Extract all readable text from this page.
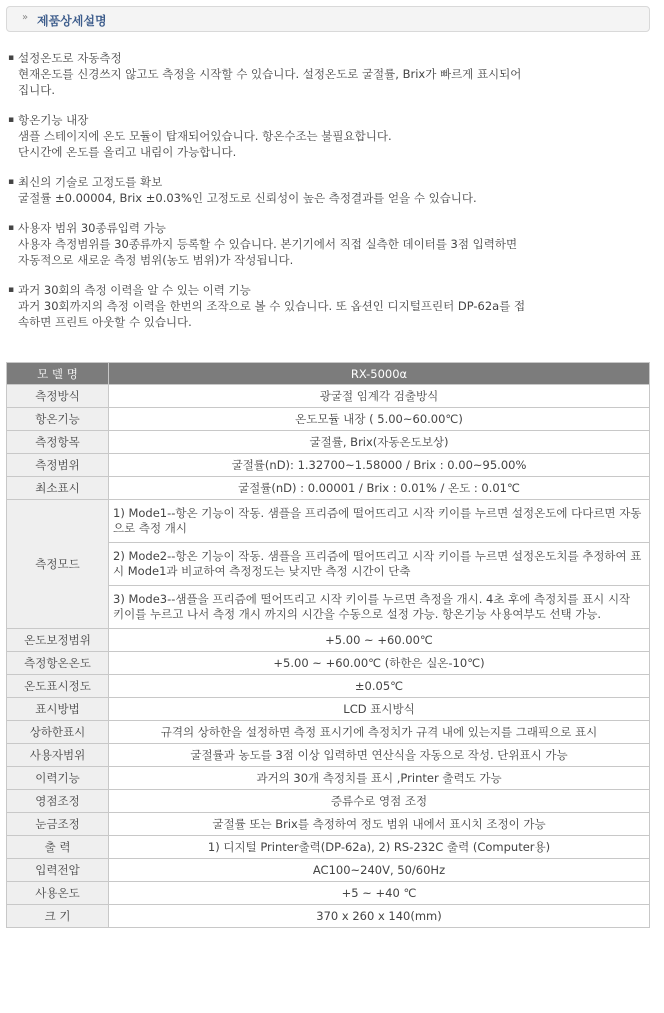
» 제품상세설명
▪ 설정온도로 자동측정
현재온도를 신경쓰지 않고도 측정을 시작할 수 있습니다. 설정온도로 굴절률, Brix가 빠르게 표시되어
집니다.
▪ 항온기능 내장
샘플 스테이지에 온도 모듈이 탑재되어있습니다. 항온수조는 불필요합니다.
단시간에 온도를 올리고 내림이 가능합니다.
▪ 최신의 기술로 고정도를 확보
굴절률 ±0.00004, Brix ±0.03%인 고정도로 신뢰성이 높은 측정결과를 얻을 수 있습니다.
▪ 사용자 범위 30종류입력 가능
사용자 측정범위를 30종류까지 등록할 수 있습니다. 본기기에서 직접 실측한 데이터를 3점 입력하면
자동적으로 새로운 측정 범위(농도 범위)가 작성됩니다.
▪ 과거 30회의 측정 이력을 알 수 있는 이력 기능
과거 30회까지의 측정 이력을 한번의 조작으로 볼 수 있습니다. 또 옵션인 디지털프린터 DP-62a를 접
속하면 프린트 아웃할 수 있습니다.
모 델 명	RX-5000α
측정방식	광굴절 임계각 검출방식
항온기능	온도모듈 내장 ( 5.00~60.00℃)
측정항목	굴절률, Brix(자동온도보상)
측정범위	굴절률(nD): 1.32700~1.58000 / Brix : 0.00~95.00%
최소표시	굴절률(nD) : 0.00001 / Brix : 0.01% / 온도 : 0.01℃
측정모드	1) Mode1--항온 기능이 작동. 샘플을 프리즘에 떨어뜨리고 시작 키이를 누르면 설정온도에 다다르면 자동으로 측정 개시
2) Mode2--항온 기능이 작동. 샘플을 프리즘에 떨어뜨리고 시작 키이를 누르면 설정온도치를 추정하여 표시 Mode1과 비교하여 측정정도는 낮지만 측정 시간이 단축
3) Mode3--샘플을 프리즘에 떨어뜨리고 시작 키이를 누르면 측정을 개시. 4초 후에 측정치를 표시 시작 키이를 누르고 나서 측정 개시 까지의 시간을 수동으로 설정 가능. 항온기능 사용여부도 선택 가능.

온도보정범위	+5.00 ~ +60.00℃
측정항온온도	+5.00 ~ +60.00℃ (하한은 실온-10℃)
온도표시정도	±0.05℃
표시방법	LCD 표시방식
상하한표시	규격의 상하한을 설정하면 측정 표시기에 측정치가 규격 내에 있는지를 그래픽으로 표시
사용자범위	굴절률과 농도를 3점 이상 입력하면 연산식을 자동으로 작성. 단위표시 가능
이력기능	과거의 30개 측정치를 표시 ,Printer 출력도 가능
영점조정	증류수로 영점 조정
눈금조정	굴절률 또는 Brix를 측정하여 정도 범위 내에서 표시치 조정이 가능
출 력	1) 디지털 Printer출력(DP-62a), 2) RS-232C 출력 (Computer용)
입력전압	AC100~240V, 50/60Hz
사용온도	+5 ~ +40 ℃
크 기	370 x 260 x 140(mm)
